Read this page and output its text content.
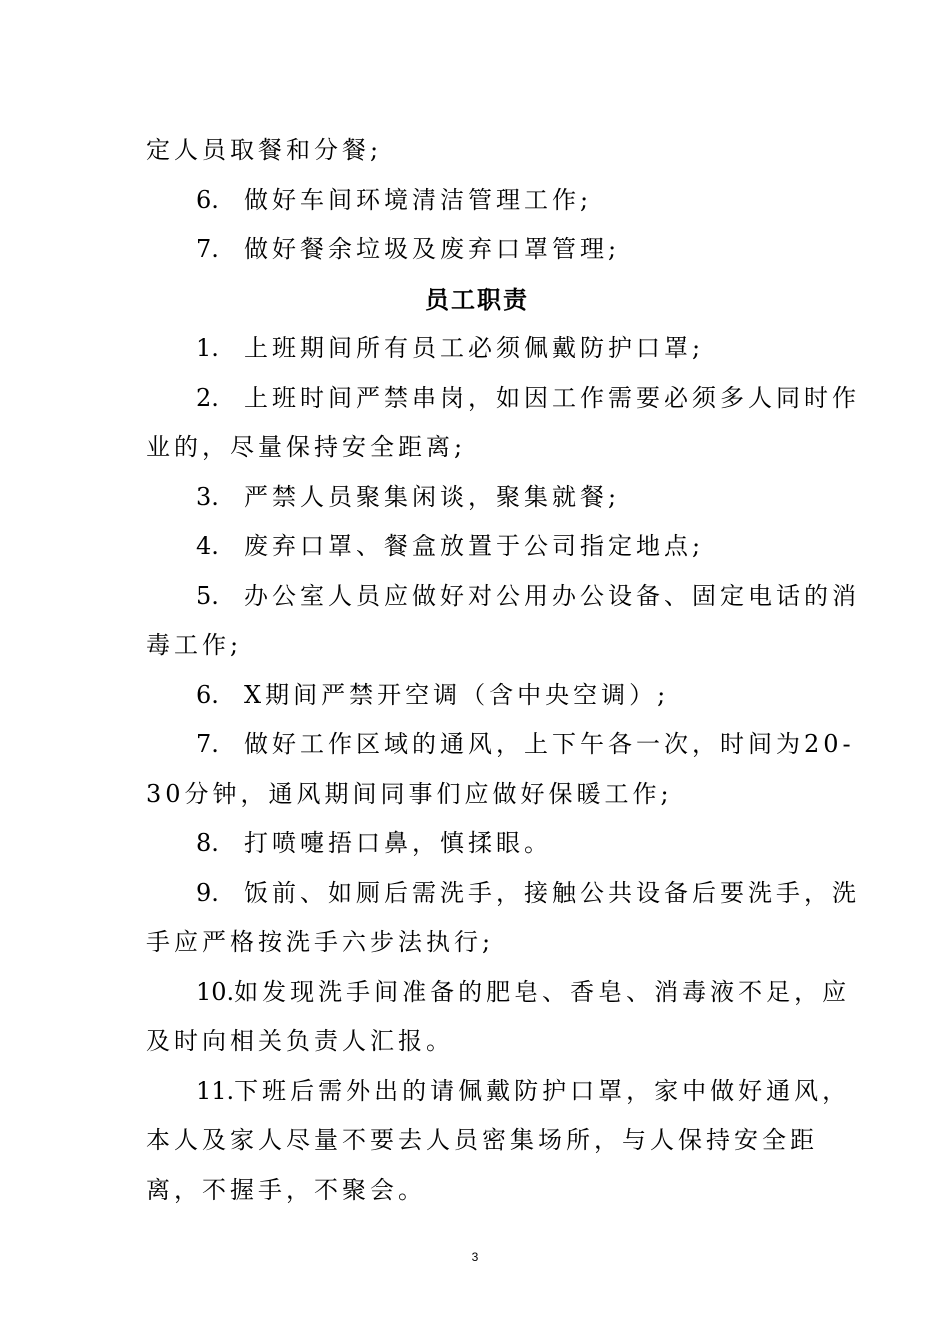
定人员取餐和分餐;
6. 做好车间环境清洁管理工作;
7. 做好餐余垃圾及废弃口罩管理;
员工职责
1. 上班期间所有员工必须佩戴防护口罩;
2. 上班时间严禁串岗，如因工作需要必须多人同时作
业的，尽量保持安全距离;
3. 严禁人员聚集闲谈，聚集就餐;
4. 废弃口罩、餐盒放置于公司指定地点;
5. 办公室人员应做好对公用办公设备、固定电话的消
毒工作;
6. X期间严禁开空调（含中央空调）;
7. 做好工作区域的通风，上下午各一次，时间为20-
30分钟，通风期间同事们应做好保暖工作;
8. 打喷嚏捂口鼻，慎揉眼。
9. 饭前、如厕后需洗手，接触公共设备后要洗手，洗
手应严格按洗手六步法执行;
10.如发现洗手间准备的肥皂、香皂、消毒液不足，应
及时向相关负责人汇报。
11.下班后需外出的请佩戴防护口罩，家中做好通风，
本人及家人尽量不要去人员密集场所，与人保持安全距
离，不握手，不聚会。
3
